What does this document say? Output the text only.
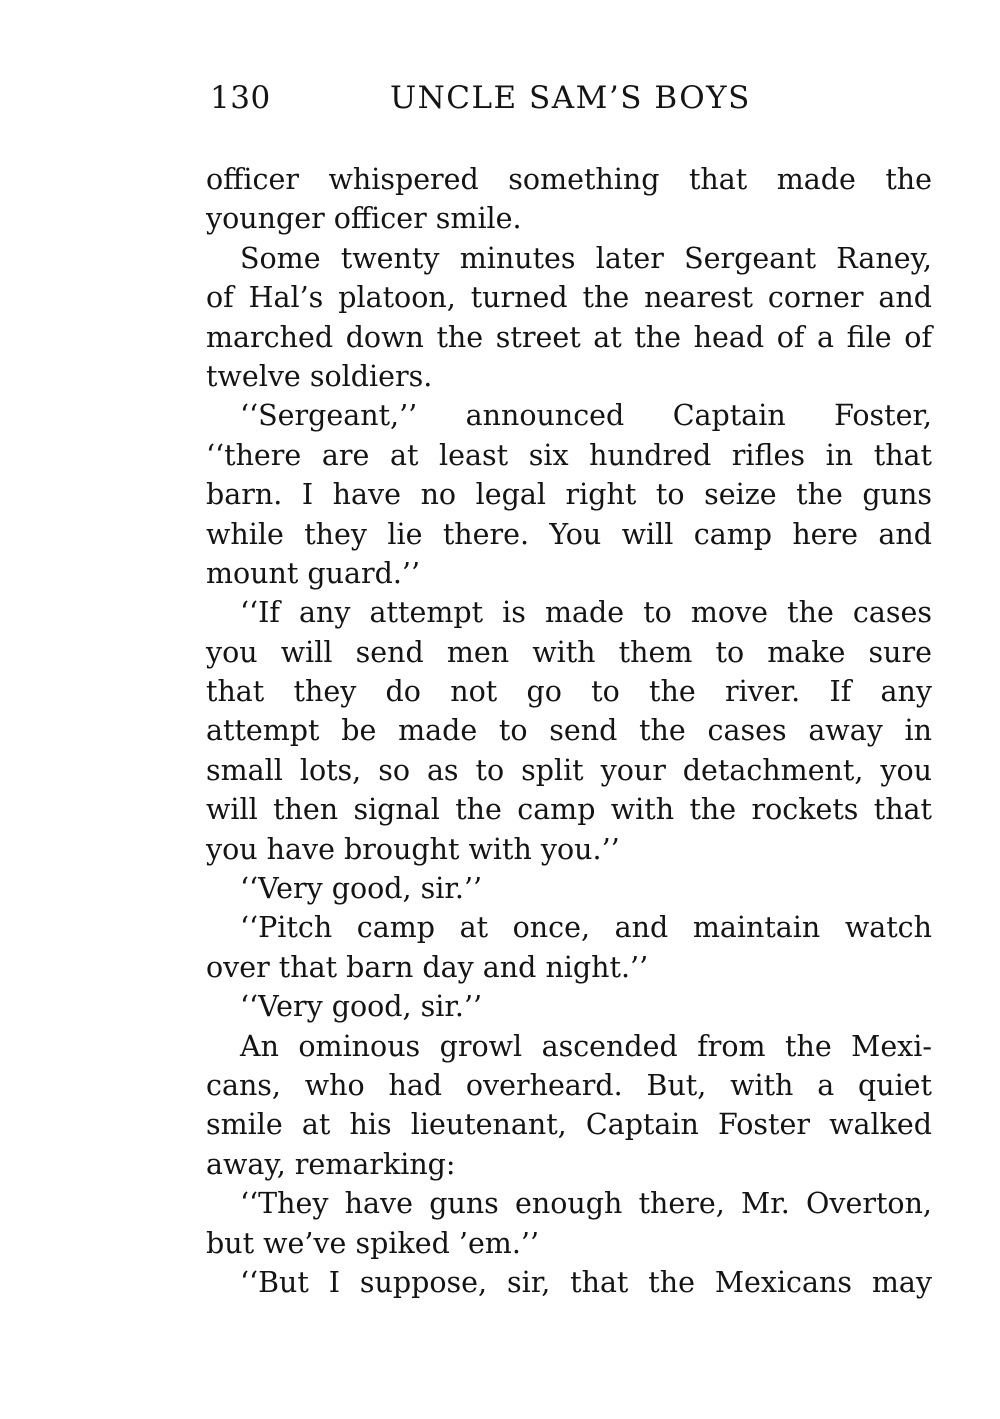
130	UNCLE SAM’S BOYS
officer whispered something that made the
younger officer smile.
Some twenty minutes later Sergeant Raney,
of Hal’s platoon, turned the nearest corner and
marched down the street at the head of a file of
twelve soldiers.
‘‘Sergeant,’’ announced Captain Foster,
‘‘there are at least six hundred rifles in that
barn. I have no legal right to seize the guns
while they lie there. You will camp here and
mount guard.’’
‘‘If any attempt is made to move the cases
you will send men with them to make sure
that they do not go to the river. If any
attempt be made to send the cases away in
small lots, so as to split your detachment, you
will then signal the camp with the rockets that
you have brought with you.’’
‘‘Very good, sir.’’
‘‘Pitch camp at once, and maintain watch
over that barn day and night.’’
‘‘Very good, sir.’’
An ominous growl ascended from the Mexi-
cans, who had overheard. But, with a quiet
smile at his lieutenant, Captain Foster walked
away, remarking:
‘‘They have guns enough there, Mr. Overton,
but we’ve spiked ’em.’’
‘‘But I suppose, sir, that the Mexicans may
